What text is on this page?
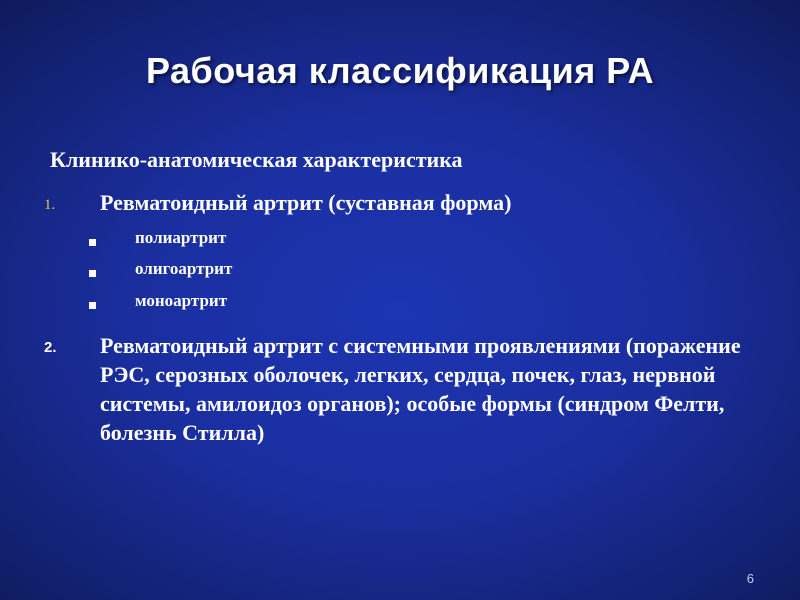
Рабочая классификация РА
Клинико-анатомическая характеристика
1. Ревматоидный артрит (суставная форма)
полиартрит
олигоартрит
моноартрит
2. Ревматоидный артрит с системными проявлениями (поражение РЭС, серозных оболочек, легких, сердца, почек, глаз, нервной системы, амилоидоз органов); особые формы (синдром Фелти, болезнь Стилла)
6
